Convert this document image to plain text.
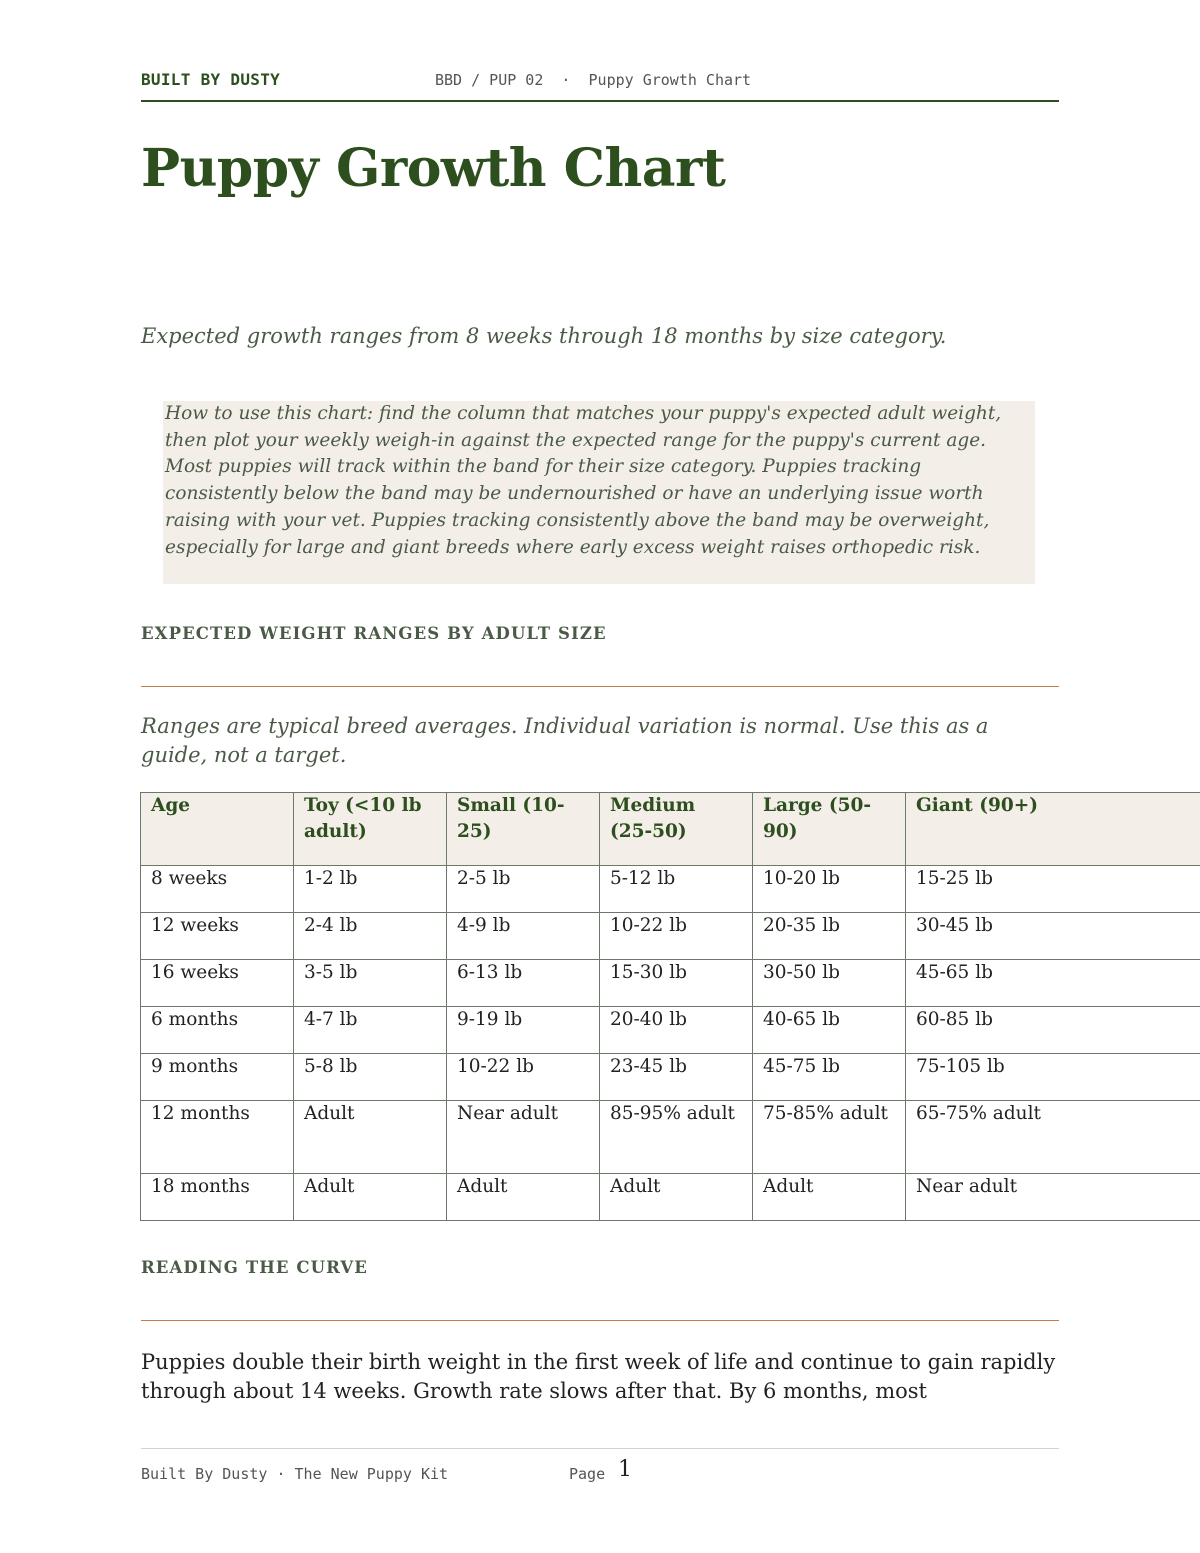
BUILT BY DUSTY	BBD / PUP 02  ·  Puppy Growth Chart
Puppy Growth Chart
Expected growth ranges from 8 weeks through 18 months by size category.

How to use this chart: find the column that matches your puppy's expected adult weight, then plot your weekly weigh-in against the expected range for the puppy's current age. Most puppies will track within the band for their size category. Puppies tracking consistently below the band may be undernourished or have an underlying issue worth raising with your vet. Puppies tracking consistently above the band may be overweight, especially for large and giant breeds where early excess weight raises orthopedic risk.

EXPECTED WEIGHT RANGES BY ADULT SIZE
Ranges are typical breed averages. Individual variation is normal. Use this as a guide, not a target.
Age	Toy (<10 lb adult)	Small (10-25)	Medium (25-50)	Large (50-90)	Giant (90+)
8 weeks	1-2 lb	2-5 lb	5-12 lb	10-20 lb	15-25 lb
12 weeks	2-4 lb	4-9 lb	10-22 lb	20-35 lb	30-45 lb
16 weeks	3-5 lb	6-13 lb	15-30 lb	30-50 lb	45-65 lb
6 months	4-7 lb	9-19 lb	20-40 lb	40-65 lb	60-85 lb
9 months	5-8 lb	10-22 lb	23-45 lb	45-75 lb	75-105 lb
12 months	Adult	Near adult	85-95% adult	75-85% adult	65-75% adult
18 months	Adult	Adult	Adult	Adult	Near adult
READING THE CURVE

Puppies double their birth weight in the first week of life and continue to gain rapidly through about 14 weeks. Growth rate slows after that. By 6 months, most

Built By Dusty · The New Puppy Kit	Page 1
